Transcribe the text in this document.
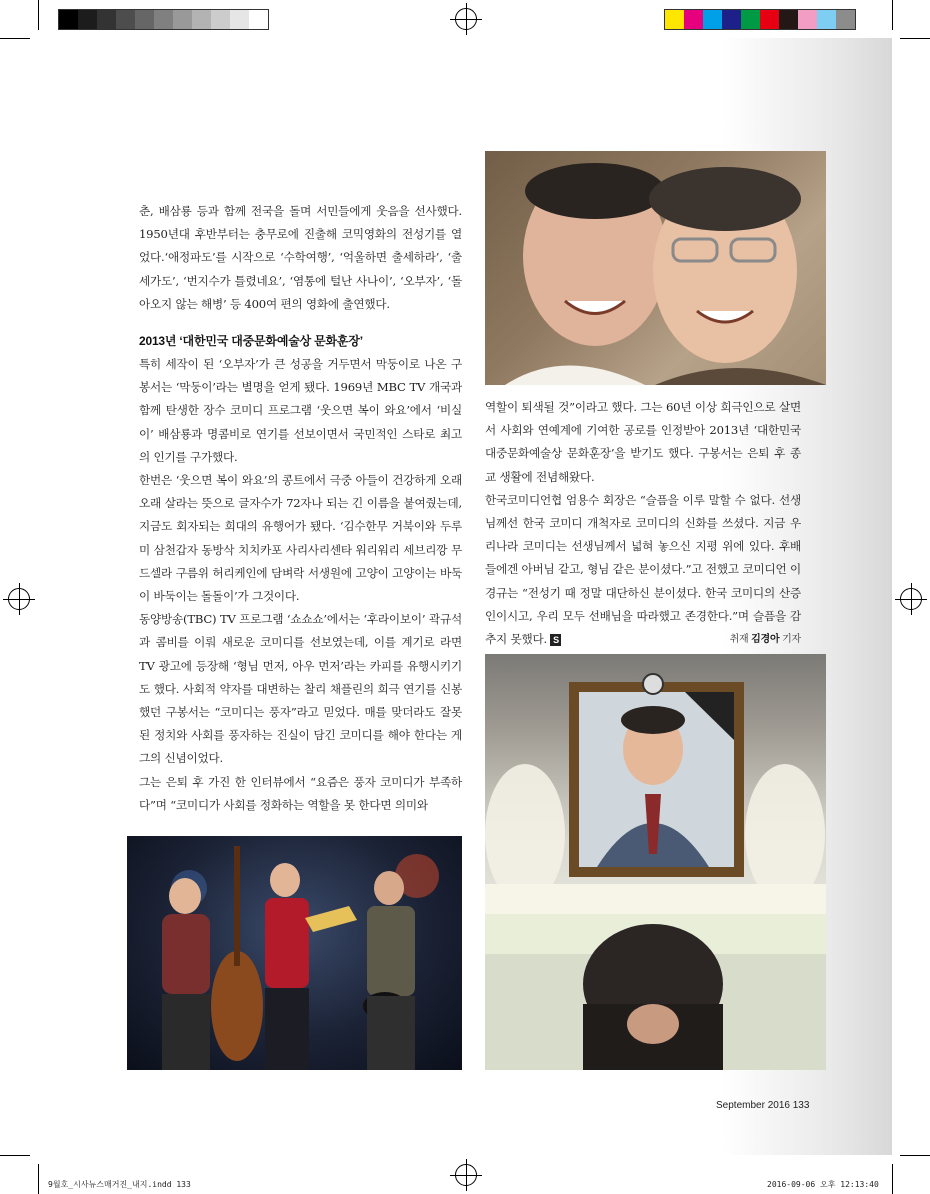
춘, 배삼룡 등과 함께 전국을 돌며 서민들에게 웃음을 선사했다. 1950년대 후반부터는 충무로에 진출해 코믹영화의 전성기를 열었다.‘애정파도’를 시작으로 ‘수학여행’, ‘억울하면 출세하라’, ‘출세가도’, ‘번지수가 틀렸네요’, ‘염통에 털난 사나이’, ‘오부자’, ‘돌아오지 않는 해병’ 등 400여 편의 영화에 출연했다.

2013년 ‘대한민국 대중문화예술상 문화훈장’

특히 세작이 된 ‘오부자’가 큰 성공을 거두면서 막둥이로 나온 구봉서는 ‘막둥이’라는 별명을 얻게 됐다. 1969년 MBC TV 개국과 함께 탄생한 장수 코미디 프로그램 ‘웃으면 복이 와요’에서 ‘비실이’ 배삼룡과 명콤비로 연기를 선보이면서 국민적인 스타로 최고의 인기를 구가했다.

한번은 ‘웃으면 복이 와요’의 콩트에서 극중 아들이 건강하게 오래오래 살라는 뜻으로 글자수가 72자나 되는 긴 이름을 붙여줬는데, 지금도 회자되는 희대의 유행어가 됐다. ‘김수한무 거북이와 두루미 삼천갑자 동방삭 치치카포 사리사리센타 워리워리 세브리깡 무드셀라 구름위 허리케인에 담벼락 서생원에 고양이 고양이는 바둑이 바둑이는 돌돌이’가 그것이다.

동양방송(TBC) TV 프로그램 ‘쇼쇼쇼’에서는 ‘후라이보이’ 곽규석과 콤비를 이뤄 새로운 코미디를 선보였는데, 이를 계기로 라면 TV 광고에 등장해 ‘형님 먼저, 아우 먼저’라는 카피를 유행시키기도 했다. 사회적 약자를 대변하는 찰리 채플린의 희극 연기를 신봉했던 구봉서는 “코미디는 풍자”라고 믿었다. 매를 맞더라도 잘못된 정치와 사회를 풍자하는 진실이 담긴 코미디를 해야 한다는 게 그의 신념이었다.

그는 은퇴 후 가진 한 인터뷰에서 “요즘은 풍자 코미디가 부족하다”며 “코미디가 사회를 정화하는 역할을 못 한다면 의미와

역할이 퇴색될 것”이라고 했다. 그는 60년 이상 희극인으로 살면서 사회와 연예계에 기여한 공로를 인정받아 2013년 ‘대한민국 대중문화예술상 문화훈장’을 받기도 했다. 구봉서는 은퇴 후 종교 생활에 전념해왔다.

한국코미디언협 엄용수 회장은 “슬픔을 이루 말할 수 없다. 선생님께선 한국 코미디 개척자로 코미디의 신화를 쓰셨다. 지금 우리나라 코미디는 선생님께서 넓혀 놓으신 지평 위에 있다. 후배들에겐 아버님 같고, 형님 같은 분이셨다.”고 전했고 코미디언 이경규는 “전성기 때 정말 대단하신 분이셨다. 한국 코미디의 산증인이시고, 우리 모두 선배님을 따라했고 존경한다.”며 슬픔을 감추지 못했다. S	취재 김경아 기자

September 2016 133
9월호_시사뉴스매거진_내지.indd 133	2016-09-06 오후 12:13:40
